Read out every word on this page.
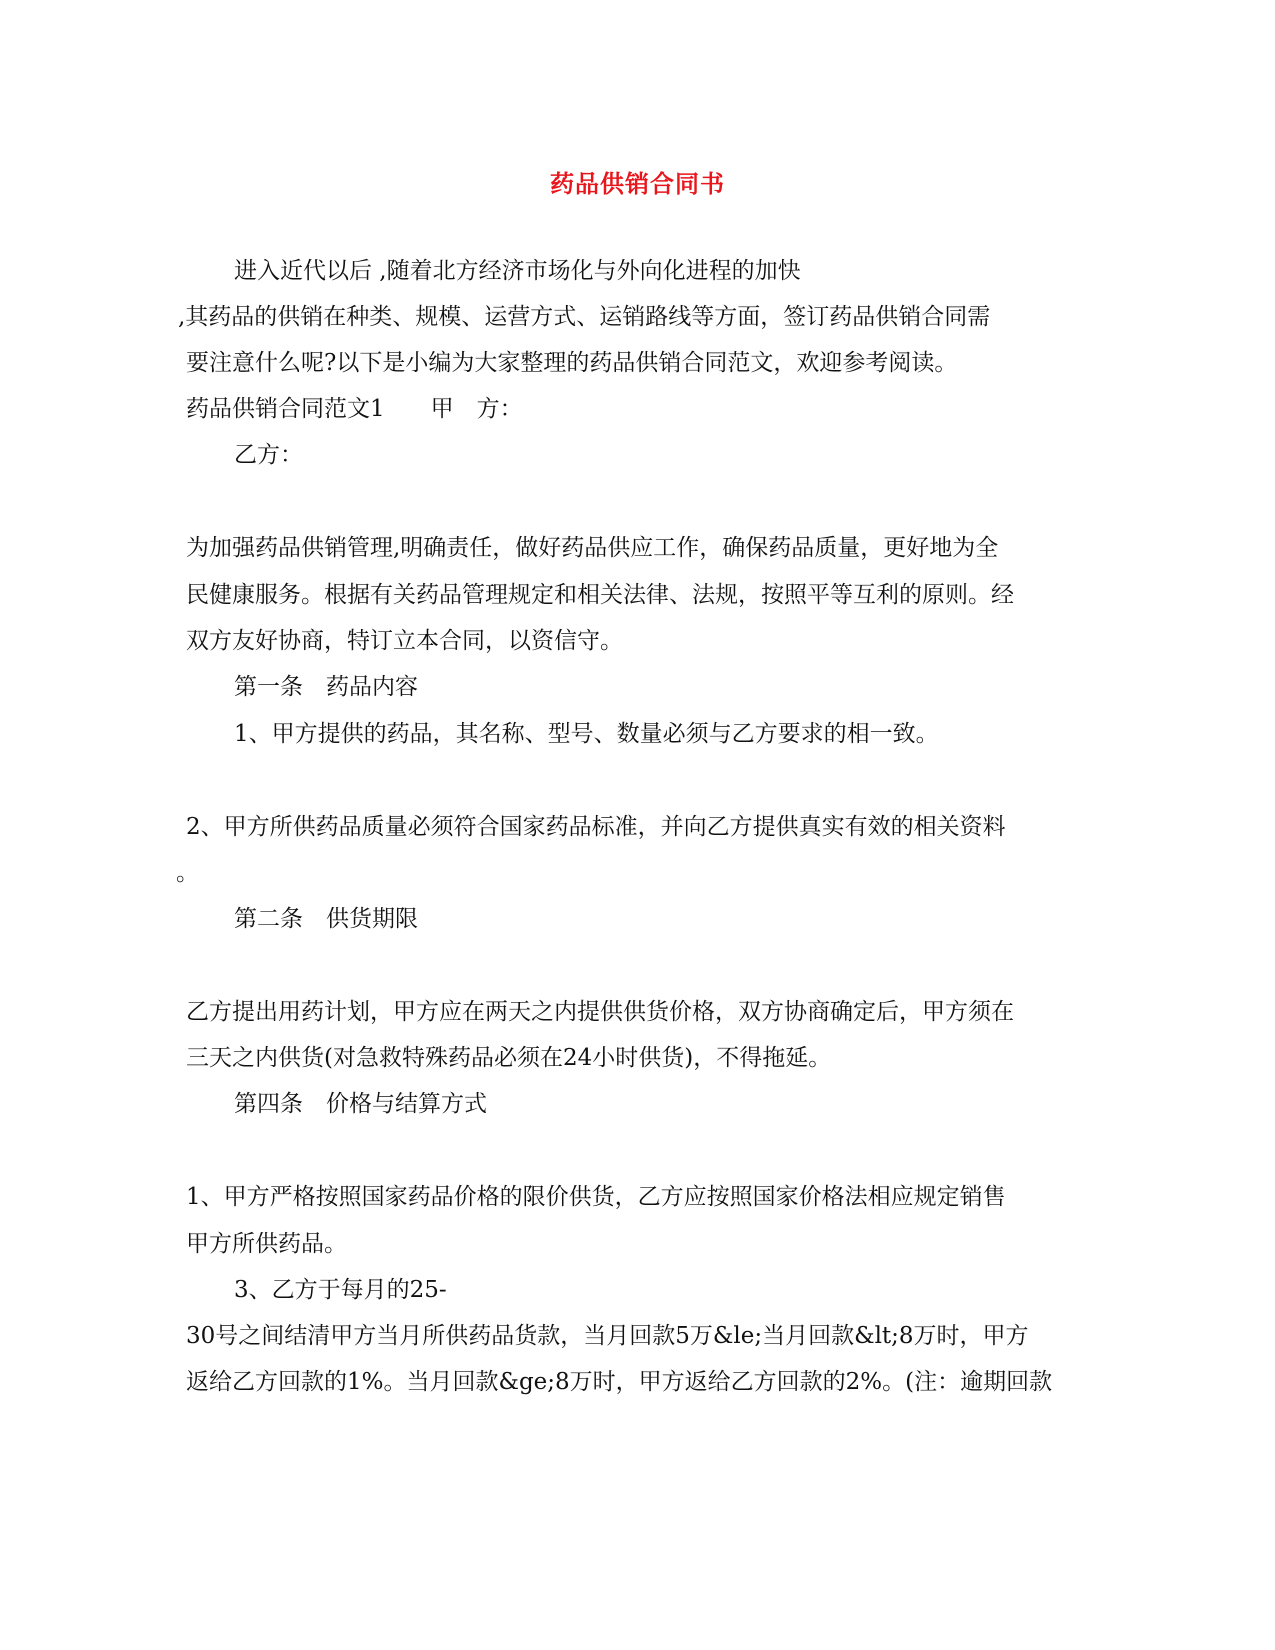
药品供销合同书
进入近代以后 ,随着北方经济市场化与外向化进程的加快
,其药品的供销在种类、规模、运营方式、运销路线等方面，签订药品供销合同需
要注意什么呢?以下是小编为大家整理的药品供销合同范文，欢迎参考阅读。
药品供销合同范文1　　甲　方：
乙方：
为加强药品供销管理,明确责任，做好药品供应工作，确保药品质量，更好地为全
民健康服务。根据有关药品管理规定和相关法律、法规，按照平等互利的原则。经
双方友好协商，特订立本合同，以资信守。
第一条　药品内容
1、甲方提供的药品，其名称、型号、数量必须与乙方要求的相一致。
2、甲方所供药品质量必须符合国家药品标准，并向乙方提供真实有效的相关资料
。
第二条　供货期限
乙方提出用药计划，甲方应在两天之内提供供货价格，双方协商确定后，甲方须在
三天之内供货(对急救特殊药品必须在24小时供货)，不得拖延。
第四条　价格与结算方式
1、甲方严格按照国家药品价格的限价供货，乙方应按照国家价格法相应规定销售
甲方所供药品。
3、乙方于每月的25-
30号之间结清甲方当月所供药品货款，当月回款5万&le;当月回款&lt;8万时，甲方
返给乙方回款的1%。当月回款&ge;8万时，甲方返给乙方回款的2%。(注：逾期回款
